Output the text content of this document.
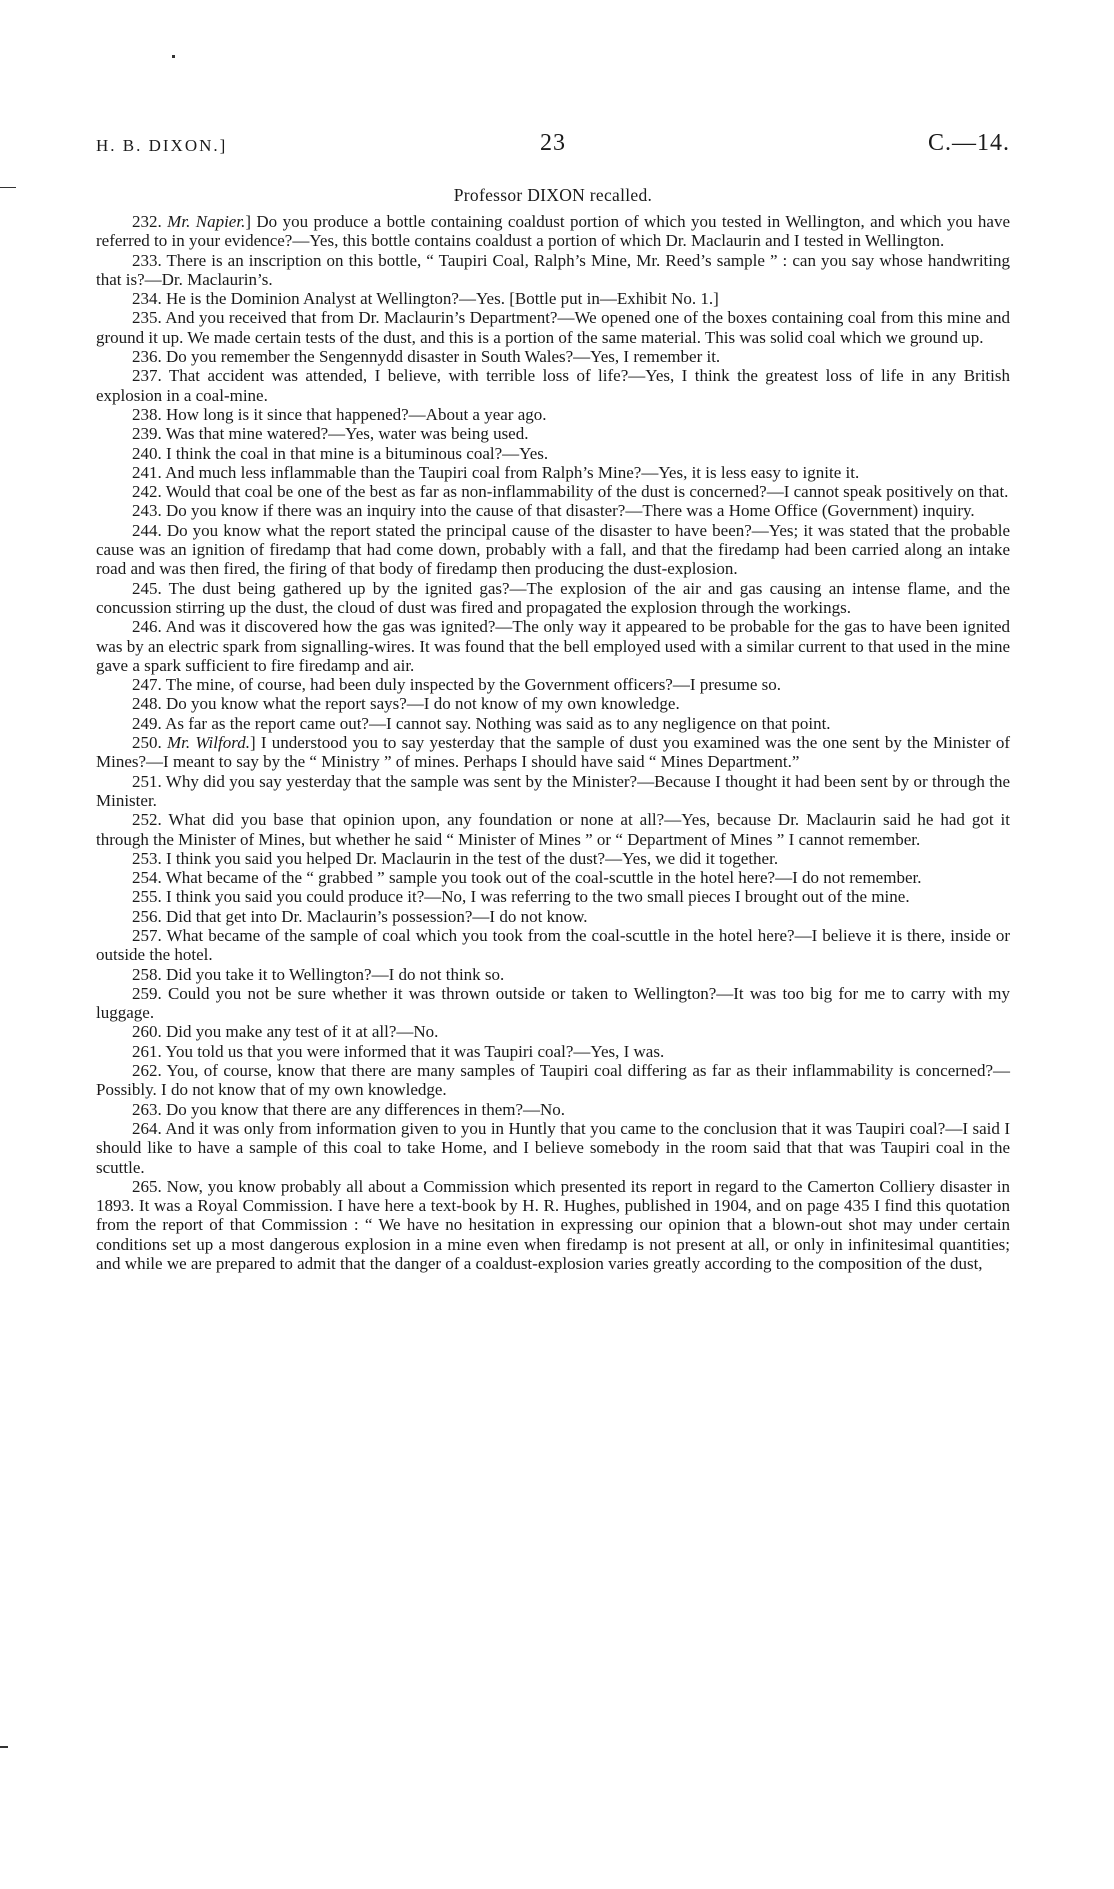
H. B. DIXON.]	23	C.—14.
Professor DIXON recalled.

232. Mr. Napier.] Do you produce a bottle containing coaldust portion of which you tested in Wellington, and which you have referred to in your evidence?—Yes, this bottle contains coaldust a portion of which Dr. Maclaurin and I tested in Wellington.

233. There is an inscription on this bottle, “ Taupiri Coal, Ralph’s Mine, Mr. Reed’s sample ” : can you say whose handwriting that is?—Dr. Maclaurin’s.

234. He is the Dominion Analyst at Wellington?—Yes. [Bottle put in—Exhibit No. 1.]

235. And you received that from Dr. Maclaurin’s Department?—We opened one of the boxes containing coal from this mine and ground it up. We made certain tests of the dust, and this is a portion of the same material. This was solid coal which we ground up.

236. Do you remember the Sengennydd disaster in South Wales?—Yes, I remember it.

237. That accident was attended, I believe, with terrible loss of life?—Yes, I think the greatest loss of life in any British explosion in a coal-mine.

238. How long is it since that happened?—About a year ago.

239. Was that mine watered?—Yes, water was being used.

240. I think the coal in that mine is a bituminous coal?—Yes.

241. And much less inflammable than the Taupiri coal from Ralph’s Mine?—Yes, it is less easy to ignite it.

242. Would that coal be one of the best as far as non-inflammability of the dust is concerned?—I cannot speak positively on that.

243. Do you know if there was an inquiry into the cause of that disaster?—There was a Home Office (Government) inquiry.

244. Do you know what the report stated the principal cause of the disaster to have been?—Yes; it was stated that the probable cause was an ignition of firedamp that had come down, probably with a fall, and that the firedamp had been carried along an intake road and was then fired, the firing of that body of firedamp then producing the dust-explosion.

245. The dust being gathered up by the ignited gas?—The explosion of the air and gas causing an intense flame, and the concussion stirring up the dust, the cloud of dust was fired and propagated the explosion through the workings.

246. And was it discovered how the gas was ignited?—The only way it appeared to be probable for the gas to have been ignited was by an electric spark from signalling-wires. It was found that the bell employed used with a similar current to that used in the mine gave a spark sufficient to fire firedamp and air.

247. The mine, of course, had been duly inspected by the Government officers?—I presume so.

248. Do you know what the report says?—I do not know of my own knowledge.

249. As far as the report came out?—I cannot say. Nothing was said as to any negligence on that point.

250. Mr. Wilford.] I understood you to say yesterday that the sample of dust you examined was the one sent by the Minister of Mines?—I meant to say by the “ Ministry ” of mines. Perhaps I should have said “ Mines Department.”

251. Why did you say yesterday that the sample was sent by the Minister?—Because I thought it had been sent by or through the Minister.

252. What did you base that opinion upon, any foundation or none at all?—Yes, because Dr. Maclaurin said he had got it through the Minister of Mines, but whether he said “ Minister of Mines ” or “ Department of Mines ” I cannot remember.

253. I think you said you helped Dr. Maclaurin in the test of the dust?—Yes, we did it together.

254. What became of the “ grabbed ” sample you took out of the coal-scuttle in the hotel here?—I do not remember.

255. I think you said you could produce it?—No, I was referring to the two small pieces I brought out of the mine.

256. Did that get into Dr. Maclaurin’s possession?—I do not know.

257. What became of the sample of coal which you took from the coal-scuttle in the hotel here?—I believe it is there, inside or outside the hotel.

258. Did you take it to Wellington?—I do not think so.

259. Could you not be sure whether it was thrown outside or taken to Wellington?—It was too big for me to carry with my luggage.

260. Did you make any test of it at all?—No.

261. You told us that you were informed that it was Taupiri coal?—Yes, I was.

262. You, of course, know that there are many samples of Taupiri coal differing as far as their inflammability is concerned?—Possibly. I do not know that of my own knowledge.

263. Do you know that there are any differences in them?—No.

264. And it was only from information given to you in Huntly that you came to the conclusion that it was Taupiri coal?—I said I should like to have a sample of this coal to take Home, and I believe somebody in the room said that that was Taupiri coal in the scuttle.

265. Now, you know probably all about a Commission which presented its report in regard to the Camerton Colliery disaster in 1893. It was a Royal Commission. I have here a text-book by H. R. Hughes, published in 1904, and on page 435 I find this quotation from the report of that Commission : “ We have no hesitation in expressing our opinion that a blown-out shot may under certain conditions set up a most dangerous explosion in a mine even when firedamp is not present at all, or only in infinitesimal quantities; and while we are prepared to admit that the danger of a coaldust-explosion varies greatly according to the composition of the dust,
